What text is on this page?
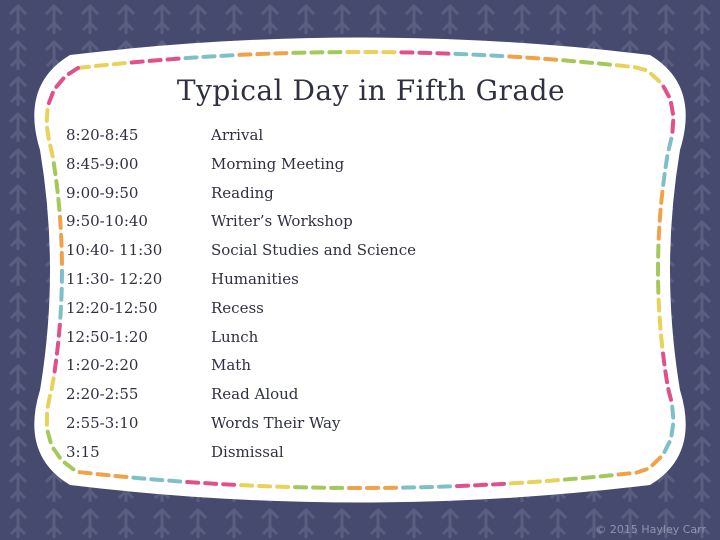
Typical Day in Fifth Grade
8:20-8:45	Arrival
8:45-9:00	Morning Meeting
9:00-9:50	Reading
9:50-10:40	Writer’s Workshop
10:40- 11:30	Social Studies and Science
11:30- 12:20	Humanities
12:20-12:50	Recess
12:50-1:20	Lunch
1:20-2:20	Math
2:20-2:55	Read Aloud
2:55-3:10	Words Their Way
3:15	Dismissal
© 2015 Hayley Carr
